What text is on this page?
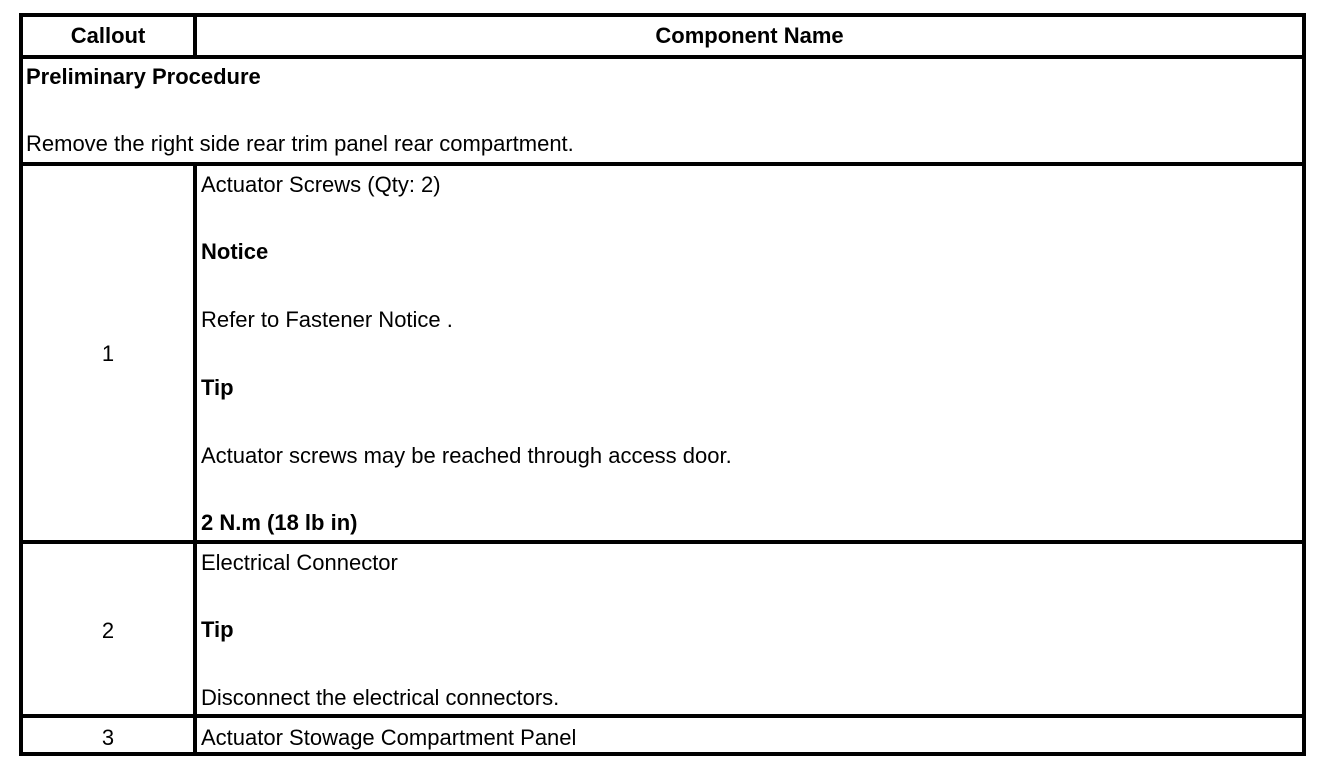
Callout	Component Name
Preliminary Procedure
Remove the right side rear trim panel rear compartment.
1
Actuator Screws (Qty: 2)
Notice
Refer to Fastener Notice .
Tip
Actuator screws may be reached through access door.
2 N.m (18 lb in)
2
Electrical Connector
Tip
Disconnect the electrical connectors.
3	Actuator Stowage Compartment Panel
